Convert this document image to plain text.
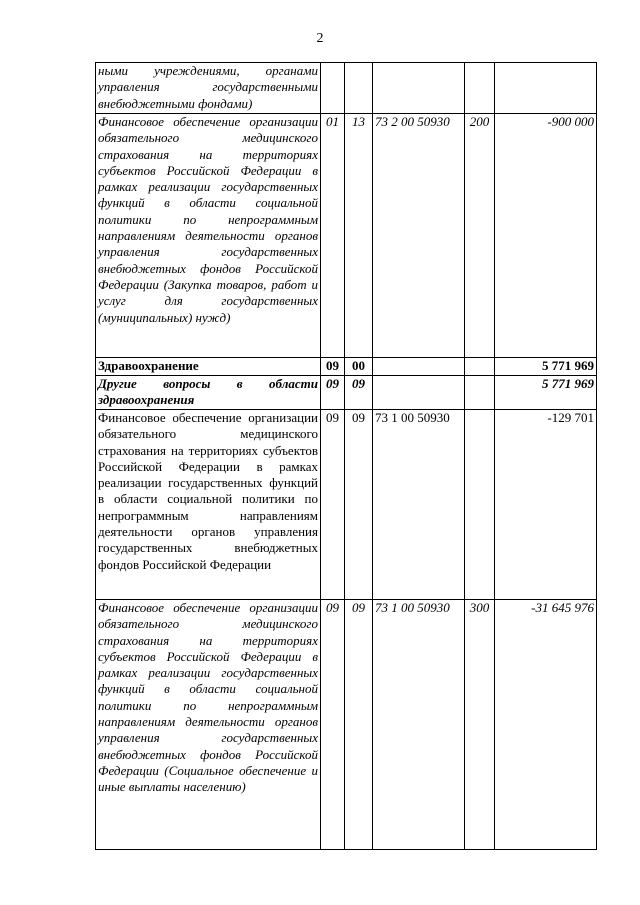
2
ными учреждениями, органами управления государственными внебюджетными фондами)					
Финансовое обеспечение организации обязательного медицинского страхования на территориях субъектов Российской Федерации в рамках реализации государственных функций в области социальной политики по непрограммным направлениям деятельности органов управления государственных внебюджетных фондов Российской Федерации (Закупка товаров, работ и услуг для государственных (муниципальных) нужд)	01	13	73 2 00 50930	200	-900 000
Здравоохранение	09	00			5 771 969
Другие вопросы в области здравоохранения	09	09			5 771 969
Финансовое обеспечение организации обязательного медицинского страхования на территориях субъектов Российской Федерации в рамках реализации государственных функций в области социальной политики по непрограммным направлениям деятельности органов управления государственных внебюджетных фондов Российской Федерации	09	09	73 1 00 50930		-129 701
Финансовое обеспечение организации обязательного медицинского страхования на территориях субъектов Российской Федерации в рамках реализации государственных функций в области социальной политики по непрограммным направлениям деятельности органов управления государственных внебюджетных фондов Российской Федерации (Социальное обеспечение и иные выплаты населению)	09	09	73 1 00 50930	300	-31 645 976
